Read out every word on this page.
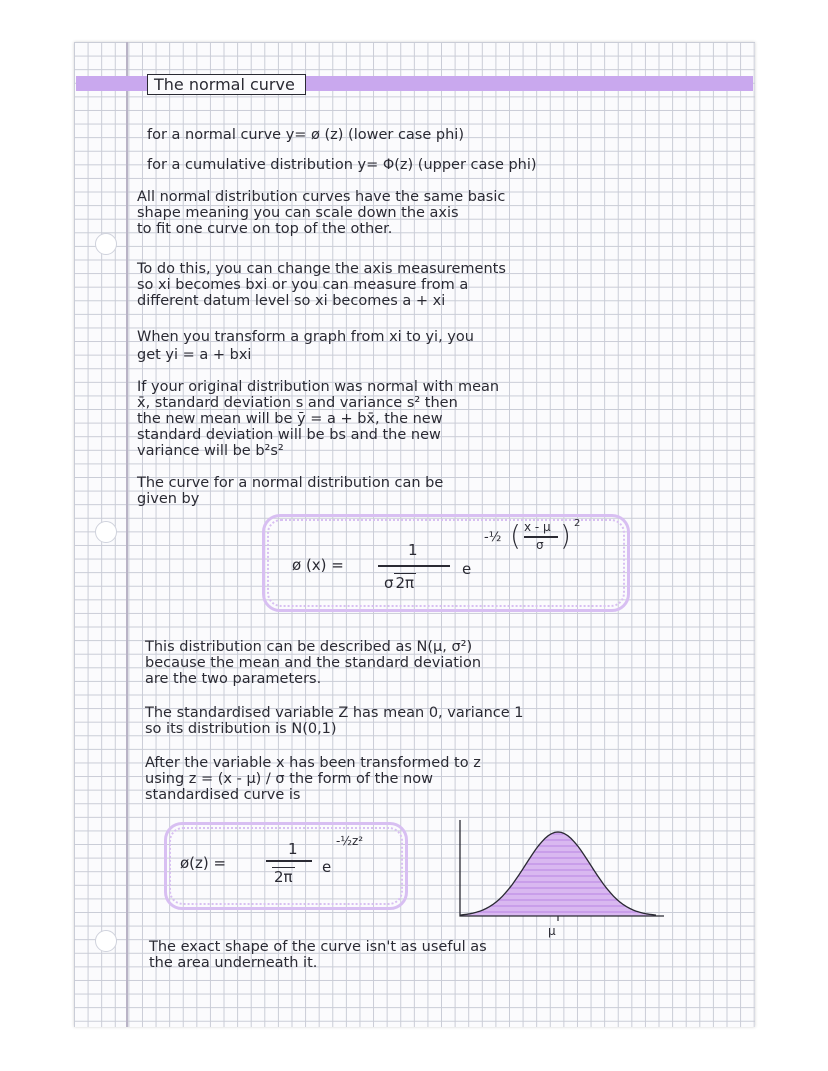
The normal curve
for a normal curve y= ø (z) (lower case phi)
for a cumulative distribution y= Φ(z) (upper case phi)
All normal distribution curves have the same basic
shape meaning you can scale down the axis
to fit one curve on top of the other.
To do this, you can change the axis measurements
so xi becomes bxi or you can measure from a
different datum level so xi becomes a + xi
When you transform a graph from xi to yi, you
get yi = a + bxi
If your original distribution was normal with mean
x̄, standard deviation s and variance s² then
the new mean will be ȳ = a + bx̄, the new
standard deviation will be bs and the new
variance will be b²s²
The curve for a normal distribution can be
given by
ø (x) =
1
σ 2π
e
-½ ( x - μ
σ ) 2
This distribution can be described as N(μ, σ²)
because the mean and the standard deviation
are the two parameters.
The standardised variable Z has mean 0, variance 1
so its distribution is N(0,1)
After the variable x has been transformed to z
using z = (x - μ) / σ the form of the now
standardised curve is
ø(z) =
1
2π
e
-½z²
μ
The exact shape of the curve isn't as useful as
the area underneath it.
